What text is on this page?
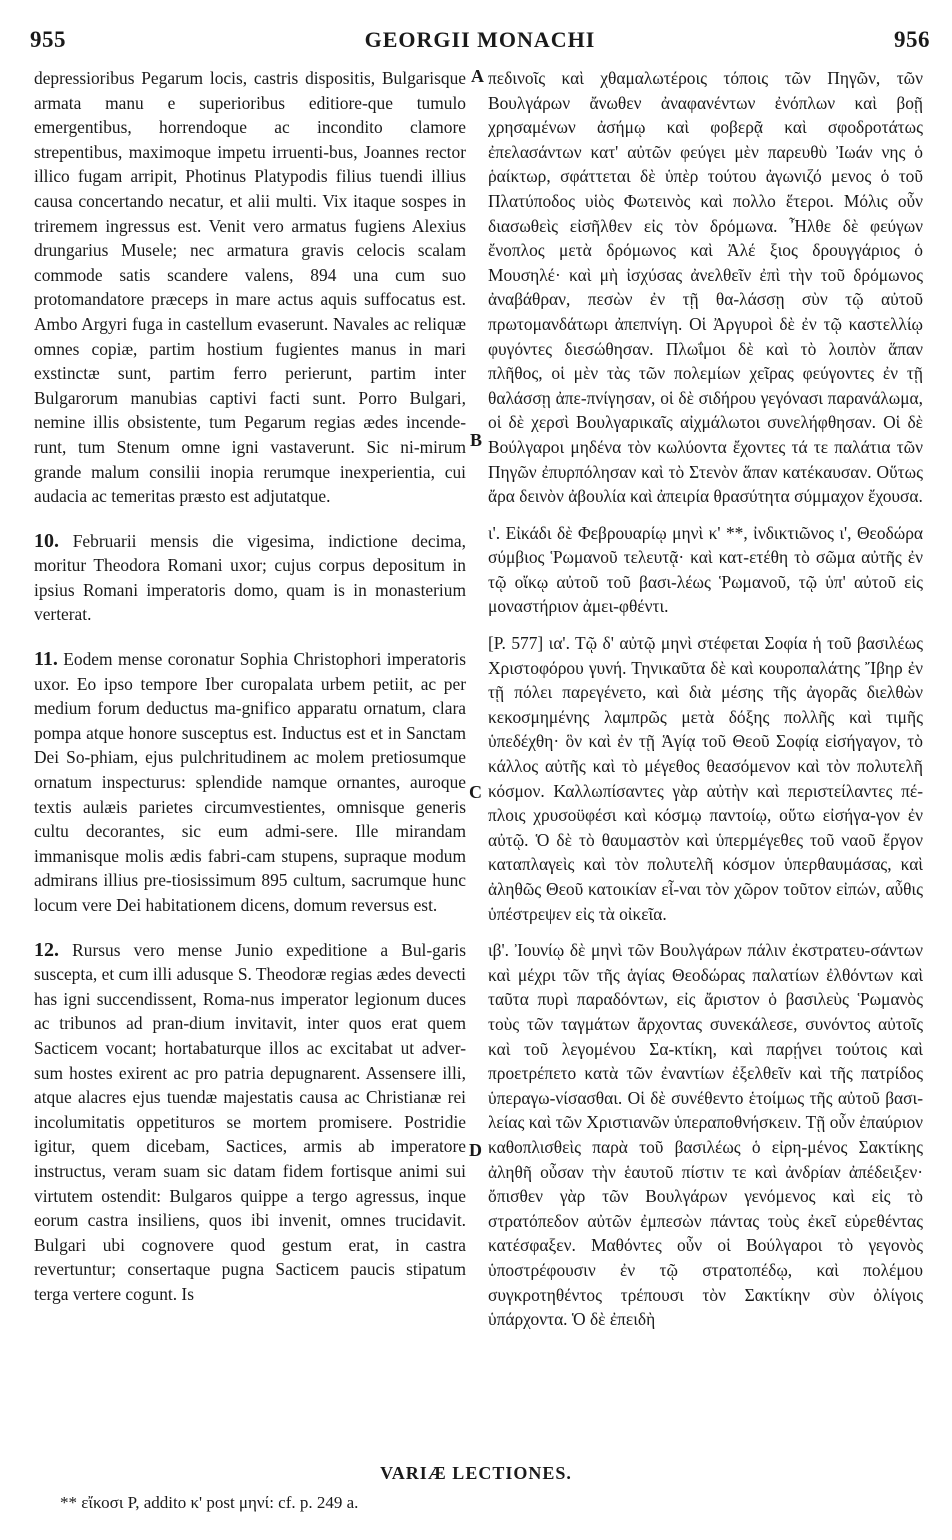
955	GEORGII MONACHI	956
A
B
C
D

depressioribus Pegarum locis, castris dispositis, Bulgarisque armata manu e superioribus editiore-que tumulo emergentibus, horrendoque ac incondito clamore strepentibus, maximoque impetu irruenti-bus, Joannes rector illico fugam arripit, Photinus Platypodis filius tuendi illius causa concertando necatur, et alii multi. Vix itaque sospes in triremem ingressus est. Venit vero armatus fugiens Alexius drungarius Musele; nec armatura gravis celocis scalam commode satis scandere valens, 894 una cum suo protomandatore præceps in mare actus aquis suffocatus est. Ambo Argyri fuga in castellum evaserunt. Navales ac reliquæ omnes copiæ, partim hostium fugientes manus in mari exstinctæ sunt, partim ferro perierunt, partim inter Bulgarorum manubias captivi facti sunt. Porro Bulgari, nemine illis obsistente, tum Pegarum regias ædes incende-runt, tum Stenum omne igni vastaverunt. Sic ni-mirum grande malum consilii inopia rerumque inexperientia, cui audacia ac temeritas præsto est adjutatque.

10. Februarii mensis die vigesima, indictione decima, moritur Theodora Romani uxor; cujus corpus depositum in ipsius Romani imperatoris domo, quam is in monasterium verterat.

11. Eodem mense coronatur Sophia Christophori imperatoris uxor. Eo ipso tempore Iber curopalata urbem petiit, ac per medium forum deductus ma-gnifico apparatu ornatum, clara pompa atque honore susceptus est. Inductus est et in Sanctam Dei So-phiam, ejus pulchritudinem ac molem pretiosumque ornatum inspecturus: splendide namque ornantes, auroque textis aulæis parietes circumvestientes, omnisque generis cultu decorantes, sic eum admi-sere. Ille mirandam immanisque molis ædis fabri-cam stupens, supraque modum admirans illius pre-tiosissimum 895 cultum, sacrumque hunc locum vere Dei habitationem dicens, domum reversus est.

12. Rursus vero mense Junio expeditione a Bul-garis suscepta, et cum illi adusque S. Theodoræ regias ædes devecti has igni succendissent, Roma-nus imperator legionum duces ac tribunos ad pran-dium invitavit, inter quos erat quem Sacticem vocant; hortabaturque illos ac excitabat ut adver-sum hostes exirent ac pro patria depugnarent. Assensere illi, atque alacres ejus tuendæ majestatis causa ac Christianæ rei incolumitatis oppetituros se mortem promisere. Postridie igitur, quem dicebam, Sactices, armis ab imperatore instructus, veram suam sic datam fidem fortisque animi sui virtutem ostendit: Bulgaros quippe a tergo agressus, inque eorum castra insiliens, quos ibi invenit, omnes trucidavit. Bulgari ubi cognovere quod gestum erat, in castra revertuntur; consertaque pugna Sacticem paucis stipatum terga vertere cogunt. Is

πεδινοῖς καὶ χθαμαλωτέροις τόποις τῶν Πηγῶν, τῶν Βουλγάρων ἄνωθεν ἀναφανέντων ἐνόπλων καὶ βοῇ χρησαμένων ἀσήμῳ καὶ φοβερᾷ καὶ σφοδροτάτως ἐπελασάντων κατ' αὐτῶν φεύγει μὲν παρευθὺ Ἰωάν νης ὁ ῥαίκτωρ, σφάττεται δὲ ὑπὲρ τούτου ἀγωνιζό μενος ὁ τοῦ Πλατύποδος υἱὸς Φωτεινὸς καὶ πολλο ἕτεροι. Μόλις οὖν διασωθεὶς εἰσῆλθεν εἰς τὸν δρόμωνα. Ἦλθε δὲ φεύγων ἔνοπλος μετὰ δρόμωνος καὶ Ἀλέ ξιος δρουγγάριος ὁ Μουσηλέ· καὶ μὴ ἰσχύσας ἀνελθεῖν ἐπὶ τὴν τοῦ δρόμωνος ἀναβάθραν, πεσὼν ἐν τῇ θα-λάσσῃ σὺν τῷ αὐτοῦ πρωτομανδάτωρι ἀπεπνίγη. Οἱ Ἀργυροὶ δὲ ἐν τῷ καστελλίῳ φυγόντες διεσώθησαν. Πλωΐμοι δὲ καὶ τὸ λοιπὸν ἅπαν πλῆθος, οἱ μὲν τὰς τῶν πολεμίων χεῖρας φεύγοντες ἐν τῇ θαλάσσῃ ἀπε-πνίγησαν, οἱ δὲ σιδήρου γεγόνασι παρανάλωμα, οἱ δὲ χερσὶ Βουλγαρικαῖς αἰχμάλωτοι συνελήφθησαν. Οἱ δὲ Βούλγαροι μηδένα τὸν κωλύοντα ἔχοντες τά τε παλάτια τῶν Πηγῶν ἐπυρπόλησαν καὶ τὸ Στενὸν ἅπαν κατέκαυσαν. Οὕτως ἄρα δεινὸν ἀβουλία καὶ ἀπειρία θρασύτητα σύμμαχον ἔχουσα.

ι'. Εἰκάδι δὲ Φεβρουαρίῳ μηνὶ κ' **, ἰνδικτιῶνος ι', Θεοδώρα σύμβιος Ῥωμανοῦ τελευτᾷ· καὶ κατ-ετέθη τὸ σῶμα αὐτῆς ἐν τῷ οἴκῳ αὐτοῦ τοῦ βασι-λέως Ῥωμανοῦ, τῷ ὑπ' αὐτοῦ εἰς μοναστήριον ἀμει-φθέντι.

[P. 577] ια'. Τῷ δ' αὐτῷ μηνὶ στέφεται Σοφία ἡ τοῦ βασιλέως Χριστοφόρου γυνή. Τηνικαῦτα δὲ καὶ κουροπαλάτης Ἴβηρ ἐν τῇ πόλει παρεγένετο, καὶ διὰ μέσης τῆς ἀγορᾶς διελθὼν κεκοσμημένης λαμπρῶς μετὰ δόξης πολλῆς καὶ τιμῆς ὑπεδέχθη· ὃν καὶ ἐν τῇ Ἁγίᾳ τοῦ Θεοῦ Σοφίᾳ εἰσήγαγον, τὸ κάλλος αὐτῆς καὶ τὸ μέγεθος θεασόμενον καὶ τὸν πολυτελῆ κόσμον. Καλλωπίσαντες γὰρ αὐτὴν καὶ περιστείλαντες πέ-πλοις χρυσοϋφέσι καὶ κόσμῳ παντοίῳ, οὕτω εἰσήγα-γον ἐν αὐτῷ. Ὁ δὲ τὸ θαυμαστὸν καὶ ὑπερμέγεθες τοῦ ναοῦ ἔργον καταπλαγεὶς καὶ τὸν πολυτελῆ κόσμον ὑπερθαυμάσας, καὶ ἀληθῶς Θεοῦ κατοικίαν εἶ-ναι τὸν χῶρον τοῦτον εἰπών, αὖθις ὑπέστρεψεν εἰς τὰ οἰκεῖα.

ιβ'. Ἰουνίῳ δὲ μηνὶ τῶν Βουλγάρων πάλιν ἐκστρατευ-σάντων καὶ μέχρι τῶν τῆς ἁγίας Θεοδώρας παλατίων ἐλθόντων καὶ ταῦτα πυρὶ παραδόντων, εἰς ἄριστον ὁ βασιλεὺς Ῥωμανὸς τοὺς τῶν ταγμάτων ἄρχοντας συνεκάλεσε, συνόντος αὐτοῖς καὶ τοῦ λεγομένου Σα-κτίκη, καὶ παρῄνει τούτοις καὶ προετρέπετο κατὰ τῶν ἐναντίων ἐξελθεῖν καὶ τῆς πατρίδος ὑπεραγω-νίσασθαι. Οἱ δὲ συνέθεντο ἑτοίμως τῆς αὐτοῦ βασι-λείας καὶ τῶν Χριστιανῶν ὑπεραποθνήσκειν. Τῇ οὖν ἐπαύριον καθοπλισθεὶς παρὰ τοῦ βασιλέως ὁ εἰρη-μένος Σακτίκης ἀληθῆ οὖσαν τὴν ἑαυτοῦ πίστιν τε καὶ ἀνδρίαν ἀπέδειξεν· ὄπισθεν γὰρ τῶν Βουλγάρων γενόμενος καὶ εἰς τὸ στρατόπεδον αὐτῶν ἐμπεσὼν πάντας τοὺς ἐκεῖ εὑρεθέντας κατέσφαξεν. Μαθόντες οὖν οἱ Βούλγαροι τὸ γεγονὸς ὑποστρέφουσιν ἐν τῷ στρατοπέδῳ, καὶ πολέμου συγκροτηθέντος τρέπουσι τὸν Σακτίκην σὺν ὀλίγοις ὑπάρχοντα. Ὁ δὲ ἐπειδὴ

VARIÆ LECTIONES.
** εἴκοσι P, addito κ' post μηνί: cf. p. 249 a.
